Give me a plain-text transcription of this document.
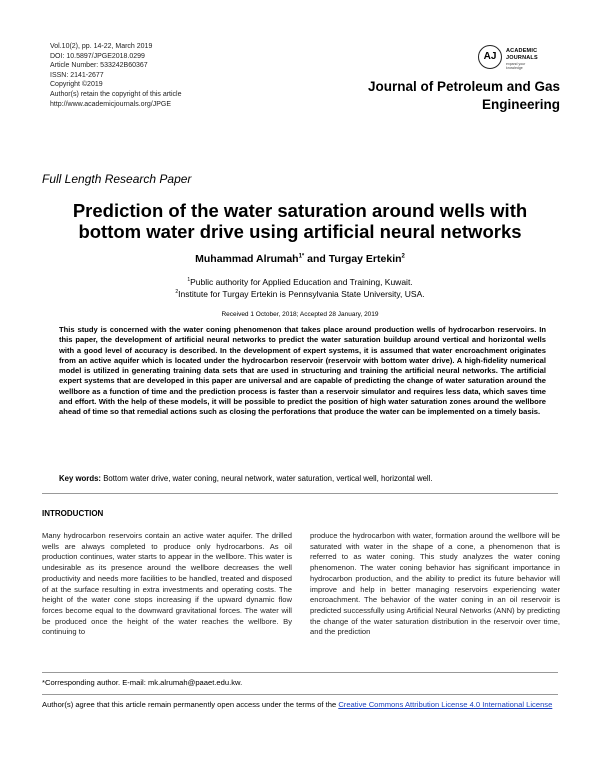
Vol.10(2), pp. 14-22, March 2019
DOI: 10.5897/JPGE2018.0299
Article Number: 533242B60367
ISSN: 2141-2677
Copyright ©2019
Author(s) retain the copyright of this article
http://www.academicjournals.org/JPGE
AJ	ACADEMIC
JOURNALS
expand your knowledge
Journal of Petroleum and Gas
Engineering
Full Length Research Paper
Prediction of the water saturation around wells with
bottom water drive using artificial neural networks
Muhammad Alrumah$^{1*}$ and Turgay Ertekin$^2$
$^1$Public authority for Applied Education and Training, Kuwait.
$^2$Institute for Turgay Ertekin is Pennsylvania State University, USA.
Received 1 October, 2018; Accepted 28 January, 2019
This study is concerned with the water coning phenomenon that takes place around production wells of hydrocarbon reservoirs. In this paper, the development of artificial neural networks to predict the water saturation buildup around vertical and horizontal wells with a good level of accuracy is described. In the development of expert systems, it is assumed that water encroachment originates from an active aquifer which is located under the hydrocarbon reservoir (reservoir with bottom water drive). A high-fidelity numerical model is utilized in generating training data sets that are used in structuring and training the artificial neural networks. The artificial expert systems that are developed in this paper are universal and are capable of predicting the change of water saturation around the wellbore as a function of time and the prediction process is faster than a reservoir simulator and requires less data, which saves time and effort. With the help of these models, it will be possible to predict the position of high water saturation zones around the wellbore ahead of time so that remedial actions such as closing the perforations that produce the water can be implemented on a timely basis.
Key words: Bottom water drive, water coning, neural network, water saturation, vertical well, horizontal well.
INTRODUCTION
Many hydrocarbon reservoirs contain an active water aquifer. The drilled wells are always completed to produce only hydrocarbons. As oil production continues, water starts to appear in the wellbore. This water is undesirable as its presence around the wellbore decreases the well productivity and needs more facilities to be handled, treated and disposed of at the surface resulting in extra investments and operating costs. The height of the water cone stops increasing if the upward dynamic flow forces become equal to the downward gravitational forces. The water will be produced once the height of the water reaches the wellbore. By continuing to
produce the hydrocarbon with water, formation around the wellbore will be saturated with water in the shape of a cone, a phenomenon that is referred to as water coning. This study analyzes the water coning phenomenon. The water coning behavior has significant importance in hydrocarbon production, and the ability to predict its future behavior will improve and help in better managing reservoirs experiencing water encroachment. The behavior of the water coning in an oil reservoir is predicted successfully using Artificial Neural Networks (ANN) by predicting the change of the water saturation distribution in the reservoir over time, and the prediction
*Corresponding author. E-mail: mk.alrumah@paaet.edu.kw.
Author(s) agree that this article remain permanently open access under the terms of the Creative Commons Attribution License 4.0 International License
